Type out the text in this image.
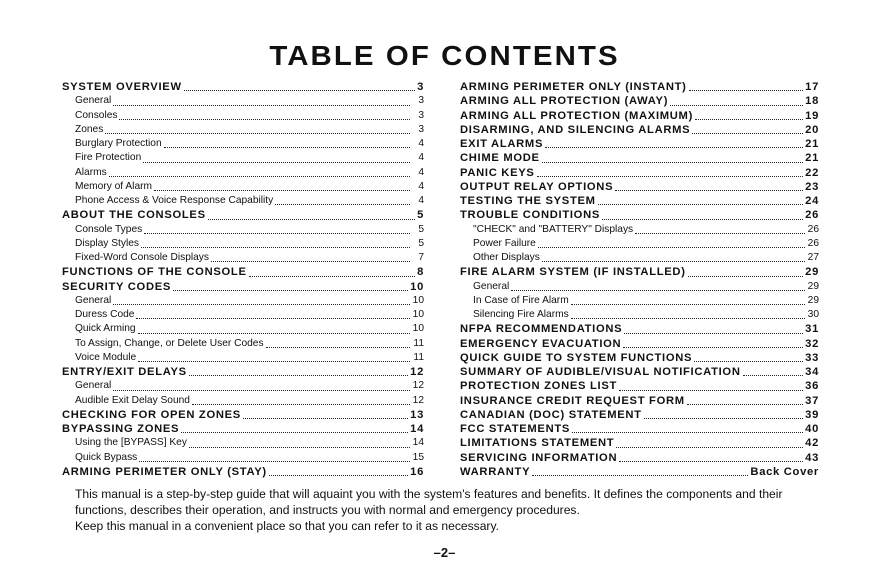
TABLE OF CONTENTS
SYSTEM OVERVIEW	3
General	3
Consoles	3
Zones	3
Burglary Protection	4
Fire Protection	4
Alarms	4
Memory of Alarm	4
Phone Access & Voice Response Capability	4
ABOUT THE CONSOLES	5
Console Types	5
Display Styles	5
Fixed-Word Console Displays	7
FUNCTIONS OF THE CONSOLE	8
SECURITY CODES	10
General	10
Duress Code	10
Quick Arming	10
To Assign, Change, or Delete User Codes	11
Voice Module	11
ENTRY/EXIT DELAYS	12
General	12
Audible Exit Delay Sound	12
CHECKING FOR OPEN ZONES	13
BYPASSING ZONES	14
Using the [BYPASS] Key	14
Quick Bypass	15
ARMING PERIMETER ONLY (STAY)	16
ARMING PERIMETER ONLY (INSTANT)	17
ARMING ALL PROTECTION (AWAY)	18
ARMING ALL PROTECTION (MAXIMUM)	19
DISARMING, AND SILENCING ALARMS	20
EXIT ALARMS	21
CHIME MODE	21
PANIC KEYS	22
OUTPUT RELAY OPTIONS	23
TESTING THE SYSTEM	24
TROUBLE CONDITIONS	26
"CHECK" and "BATTERY" Displays	26
Power Failure	26
Other Displays	27
FIRE ALARM SYSTEM (IF INSTALLED)	29
General	29
In Case of Fire Alarm	29
Silencing Fire Alarms	30
NFPA RECOMMENDATIONS	31
EMERGENCY EVACUATION	32
QUICK GUIDE TO SYSTEM FUNCTIONS	33
SUMMARY OF AUDIBLE/VISUAL NOTIFICATION	34
PROTECTION ZONES LIST	36
INSURANCE CREDIT REQUEST FORM	37
CANADIAN (DOC) STATEMENT	39
FCC STATEMENTS	40
LIMITATIONS STATEMENT	42
SERVICING INFORMATION	43
WARRANTY	Back Cover

This manual is a step-by-step guide that will aquaint you with the system's features and benefits. It defines the components and their functions, describes their operation, and instructs you with normal and emergency procedures.

Keep this manual in a convenient place so that you can refer to it as necessary.

–2–
